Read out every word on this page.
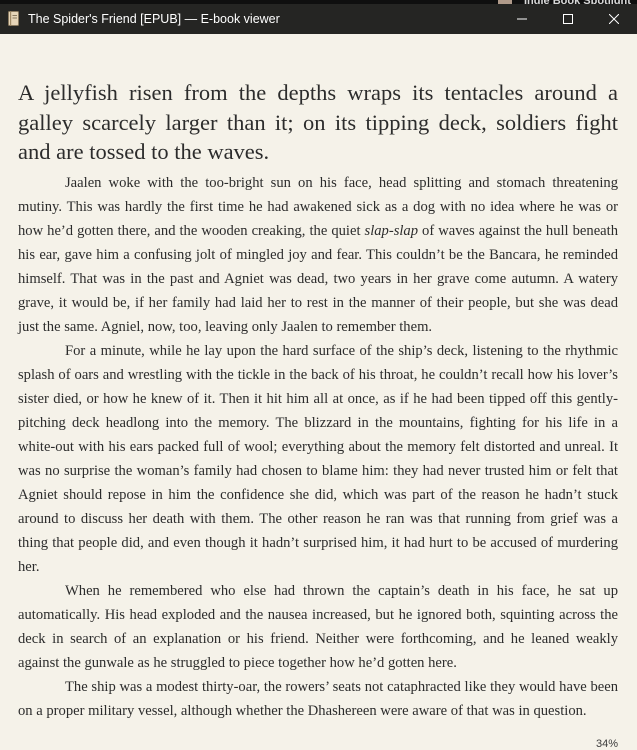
The Spider's Friend [EPUB] — E-book viewer
A jellyfish risen from the depths wraps its tentacles around a galley scarcely larger than it; on its tipping deck, soldiers fight and are tossed to the waves.

Jaalen woke with the too-bright sun on his face, head splitting and stomach threatening mutiny. This was hardly the first time he had awakened sick as a dog with no idea where he was or how he’d gotten there, and the wooden creaking, the quiet slap-slap of waves against the hull beneath his ear, gave him a confusing jolt of mingled joy and fear. This couldn’t be the Bancara, he reminded himself. That was in the past and Agniet was dead, two years in her grave come autumn. A watery grave, it would be, if her family had laid her to rest in the manner of their people, but she was dead just the same. Agniel, now, too, leaving only Jaalen to remember them.

For a minute, while he lay upon the hard surface of the ship’s deck, listening to the rhythmic splash of oars and wrestling with the tickle in the back of his throat, he couldn’t recall how his lover’s sister died, or how he knew of it. Then it hit him all at once, as if he had been tipped off this gently-pitching deck headlong into the memory. The blizzard in the mountains, fighting for his life in a white-out with his ears packed full of wool; everything about the memory felt distorted and unreal. It was no surprise the woman’s family had chosen to blame him: they had never trusted him or felt that Agniet should repose in him the confidence she did, which was part of the reason he hadn’t stuck around to discuss her death with them. The other reason he ran was that running from grief was a thing that people did, and even though it hadn’t surprised him, it had hurt to be accused of murdering her.

When he remembered who else had thrown the captain’s death in his face, he sat up automatically. His head exploded and the nausea increased, but he ignored both, squinting across the deck in search of an explanation or his friend. Neither were forthcoming, and he leaned weakly against the gunwale as he struggled to piece together how he’d gotten here.

The ship was a modest thirty-oar, the rowers’ seats not cataphracted like they would have been on a proper military vessel, although whether the Dhashereen were aware of that was in question.

34%
